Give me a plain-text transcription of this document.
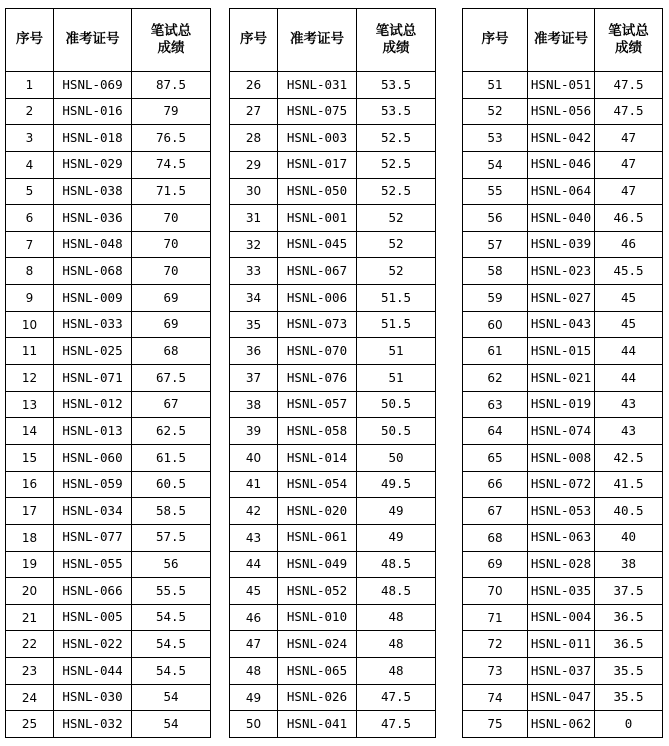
序号	准考证号	笔试总
成绩
1	HSNL-069	87.5
2	HSNL-016	79
3	HSNL-018	76.5
4	HSNL-029	74.5
5	HSNL-038	71.5
6	HSNL-036	70
7	HSNL-048	70
8	HSNL-068	70
9	HSNL-009	69
10	HSNL-033	69
11	HSNL-025	68
12	HSNL-071	67.5
13	HSNL-012	67
14	HSNL-013	62.5
15	HSNL-060	61.5
16	HSNL-059	60.5
17	HSNL-034	58.5
18	HSNL-077	57.5
19	HSNL-055	56
20	HSNL-066	55.5
21	HSNL-005	54.5
22	HSNL-022	54.5
23	HSNL-044	54.5
24	HSNL-030	54
25	HSNL-032	54
序号	准考证号	笔试总
成绩
26	HSNL-031	53.5
27	HSNL-075	53.5
28	HSNL-003	52.5
29	HSNL-017	52.5
30	HSNL-050	52.5
31	HSNL-001	52
32	HSNL-045	52
33	HSNL-067	52
34	HSNL-006	51.5
35	HSNL-073	51.5
36	HSNL-070	51
37	HSNL-076	51
38	HSNL-057	50.5
39	HSNL-058	50.5
40	HSNL-014	50
41	HSNL-054	49.5
42	HSNL-020	49
43	HSNL-061	49
44	HSNL-049	48.5
45	HSNL-052	48.5
46	HSNL-010	48
47	HSNL-024	48
48	HSNL-065	48
49	HSNL-026	47.5
50	HSNL-041	47.5
序号	准考证号	笔试总
成绩
51	HSNL-051	47.5
52	HSNL-056	47.5
53	HSNL-042	47
54	HSNL-046	47
55	HSNL-064	47
56	HSNL-040	46.5
57	HSNL-039	46
58	HSNL-023	45.5
59	HSNL-027	45
60	HSNL-043	45
61	HSNL-015	44
62	HSNL-021	44
63	HSNL-019	43
64	HSNL-074	43
65	HSNL-008	42.5
66	HSNL-072	41.5
67	HSNL-053	40.5
68	HSNL-063	40
69	HSNL-028	38
70	HSNL-035	37.5
71	HSNL-004	36.5
72	HSNL-011	36.5
73	HSNL-037	35.5
74	HSNL-047	35.5
75	HSNL-062	0
